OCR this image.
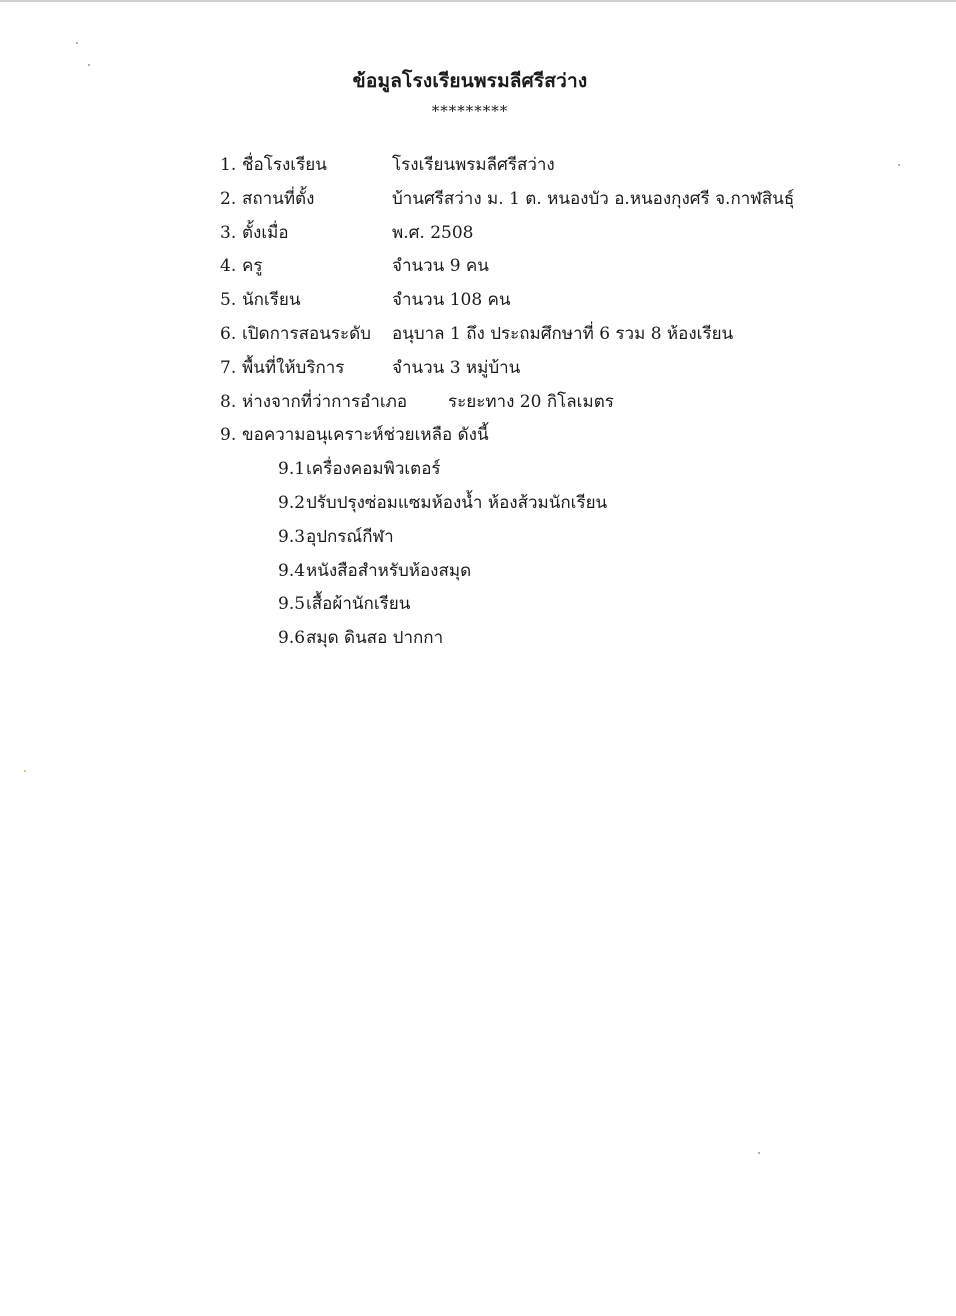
ข้อมูลโรงเรียนพรมลีศรีสว่าง
*********
1. ชื่อโรงเรียน	โรงเรียนพรมลีศรีสว่าง
2. สถานที่ตั้ง	บ้านศรีสว่าง ม. 1 ต. หนองบัว อ.หนองกุงศรี จ.กาฬสินธุ์
3. ตั้งเมื่อ	พ.ศ. 2508
4. ครู	จำนวน 9 คน
5. นักเรียน	จำนวน 108 คน
6. เปิดการสอนระดับ อนุบาล 1 ถึง ประถมศึกษาที่ 6 รวม 8 ห้องเรียน
7. พื้นที่ให้บริการ	จำนวน 3 หมู่บ้าน
8. ห่างจากที่ว่าการอำเภอ ระยะทาง 20 กิโลเมตร
9. ขอความอนุเคราะห์ช่วยเหลือ ดังนี้
9.1 เครื่องคอมพิวเตอร์
9.2 ปรับปรุงซ่อมแซมห้องน้ำ ห้องส้วมนักเรียน
9.3 อุปกรณ์กีฬา
9.4 หนังสือสำหรับห้องสมุด
9.5 เสื้อผ้านักเรียน
9.6 สมุด ดินสอ ปากกา
